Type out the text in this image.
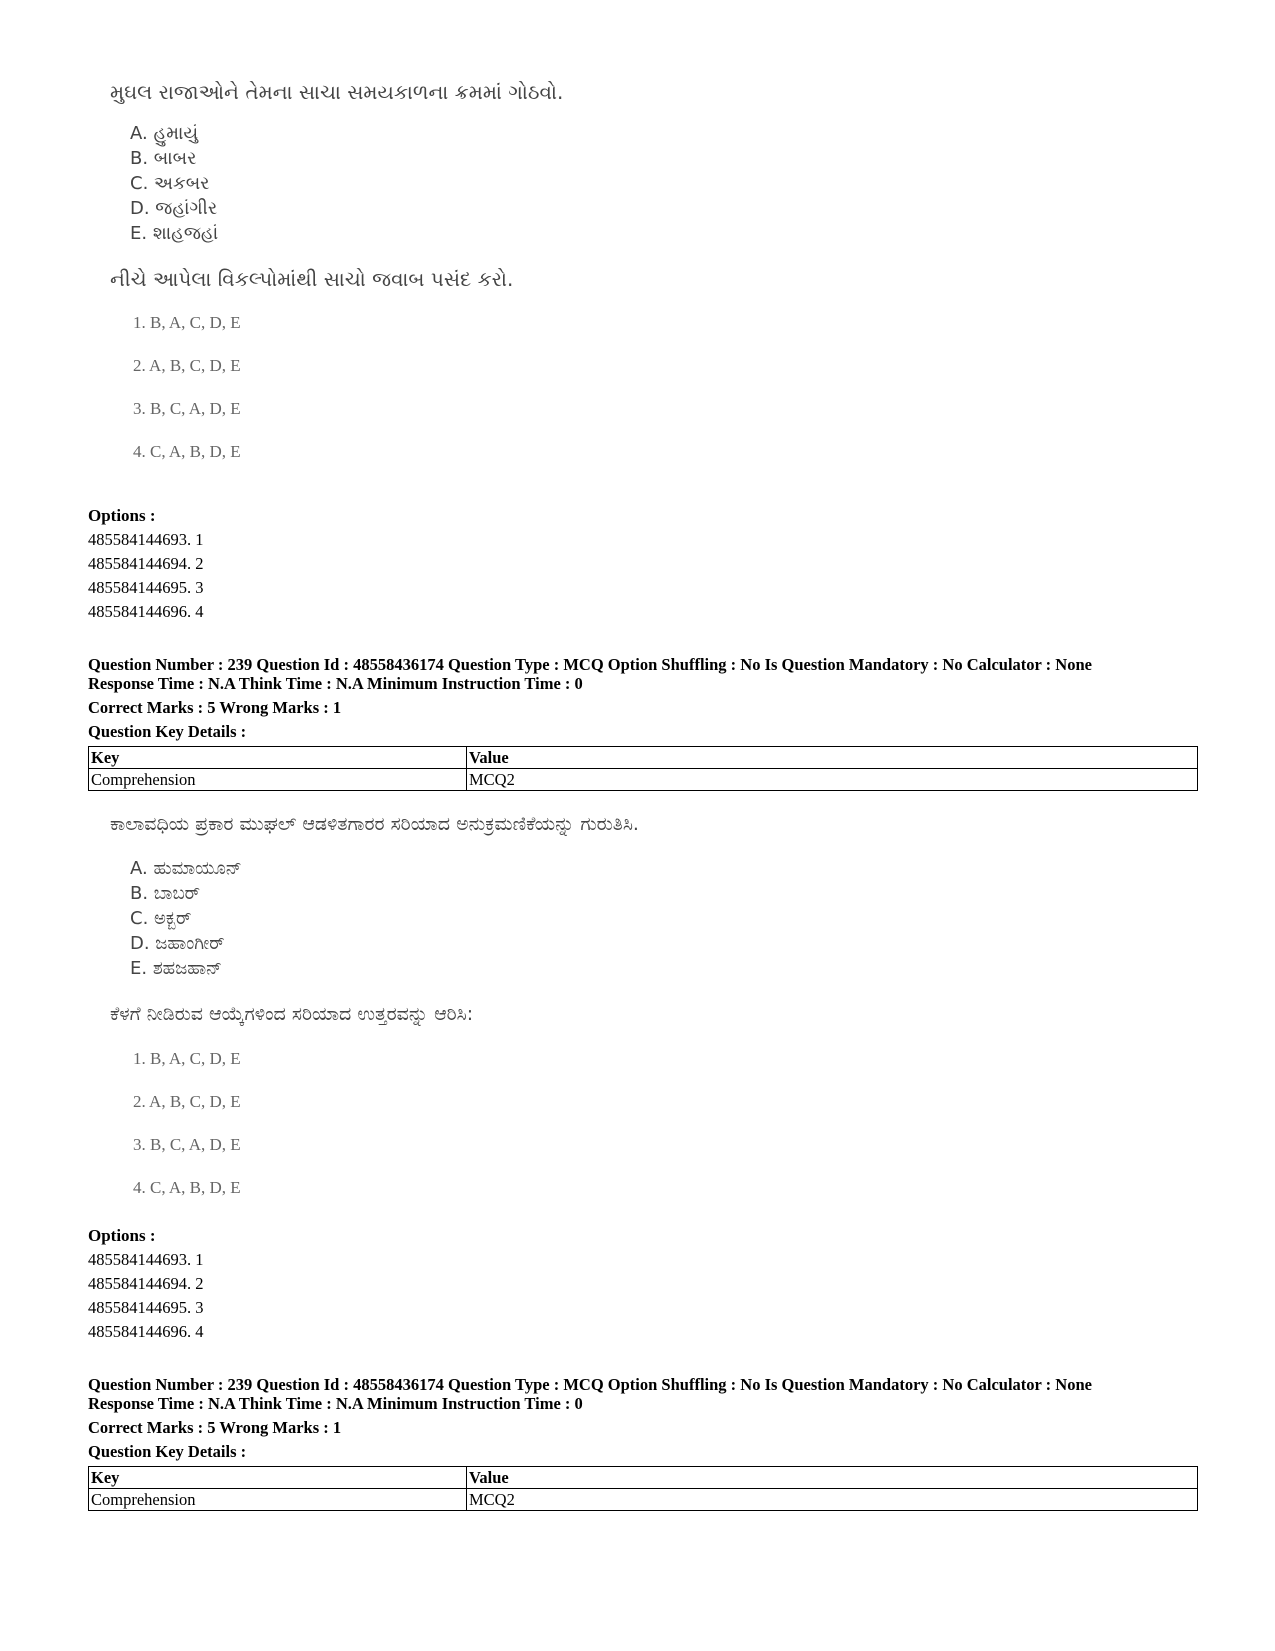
મુઘલ રાજાઓને તેમના સાચા સમયકાળના ક્રમમાં ગોઠવો.
A. હુમાયું
B. બાબર
C. અકબર
D. જહાંગીર
E. શાહજહાં
નીચે આપેલા વિકલ્પોમાંથી સાચો જવાબ પસંદ કરો.
1. B, A, C, D, E
2. A, B, C, D, E
3. B, C, A, D, E
4. C, A, B, D, E
Options :
485584144693. 1
485584144694. 2
485584144695. 3
485584144696. 4
Question Number : 239 Question Id : 48558436174 Question Type : MCQ Option Shuffling : No Is Question Mandatory : No Calculator : None
Response Time : N.A Think Time : N.A Minimum Instruction Time : 0
Correct Marks : 5 Wrong Marks : 1
Question Key Details :
Key	Value
Comprehension	MCQ2
ಕಾಲಾವಧಿಯ ಪ್ರಕಾರ ಮುಘಲ್ ಆಡಳಿತಗಾರರ ಸರಿಯಾದ ಅನುಕ್ರಮಣಿಕೆಯನ್ನು ಗುರುತಿಸಿ.
A. ಹುಮಾಯೂನ್
B. ಬಾಬರ್
C. ಅಕ್ಬರ್
D. ಜಹಾಂಗೀರ್
E. ಶಹಜಹಾನ್
ಕೆಳಗೆ ನೀಡಿರುವ ಆಯ್ಕೆಗಳಿಂದ ಸರಿಯಾದ ಉತ್ತರವನ್ನು ಆರಿಸಿ:
1. B, A, C, D, E
2. A, B, C, D, E
3. B, C, A, D, E
4. C, A, B, D, E
Options :
485584144693. 1
485584144694. 2
485584144695. 3
485584144696. 4
Question Number : 239 Question Id : 48558436174 Question Type : MCQ Option Shuffling : No Is Question Mandatory : No Calculator : None
Response Time : N.A Think Time : N.A Minimum Instruction Time : 0
Correct Marks : 5 Wrong Marks : 1
Question Key Details :
Key	Value
Comprehension	MCQ2
